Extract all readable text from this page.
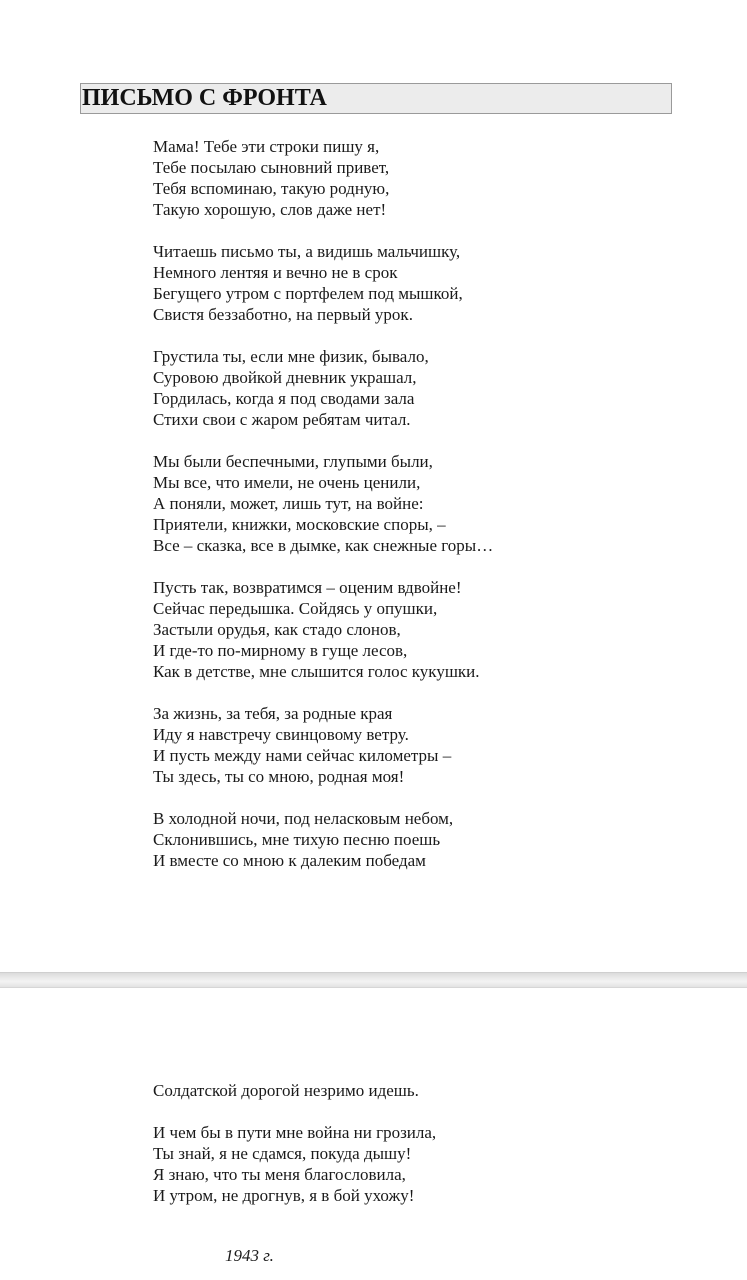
ПИСЬМО С ФРОНТА
Мама! Тебе эти строки пишу я,
Тебе посылаю сыновний привет,
Тебя вспоминаю, такую родную,
Такую хорошую, слов даже нет!
Читаешь письмо ты, а видишь мальчишку,
Немного лентяя и вечно не в срок
Бегущего утром с портфелем под мышкой,
Свистя беззаботно, на первый урок.
Грустила ты, если мне физик, бывало,
Суровою двойкой дневник украшал,
Гордилась, когда я под сводами зала
Стихи свои с жаром ребятам читал.
Мы были беспечными, глупыми были,
Мы все, что имели, не очень ценили,
А поняли, может, лишь тут, на войне:
Приятели, книжки, московские споры, –
Все – сказка, все в дымке, как снежные горы…
Пусть так, возвратимся – оценим вдвойне!
Сейчас передышка. Сойдясь у опушки,
Застыли орудья, как стадо слонов,
И где-то по-мирному в гуще лесов,
Как в детстве, мне слышится голос кукушки.
За жизнь, за тебя, за родные края
Иду я навстречу свинцовому ветру.
И пусть между нами сейчас километры –
Ты здесь, ты со мною, родная моя!
В холодной ночи, под неласковым небом,
Склонившись, мне тихую песню поешь
И вместе со мною к далеким победам
Солдатской дорогой незримо идешь.
И чем бы в пути мне война ни грозила,
Ты знай, я не сдамся, покуда дышу!
Я знаю, что ты меня благословила,
И утром, не дрогнув, я в бой ухожу!
1943 г.
